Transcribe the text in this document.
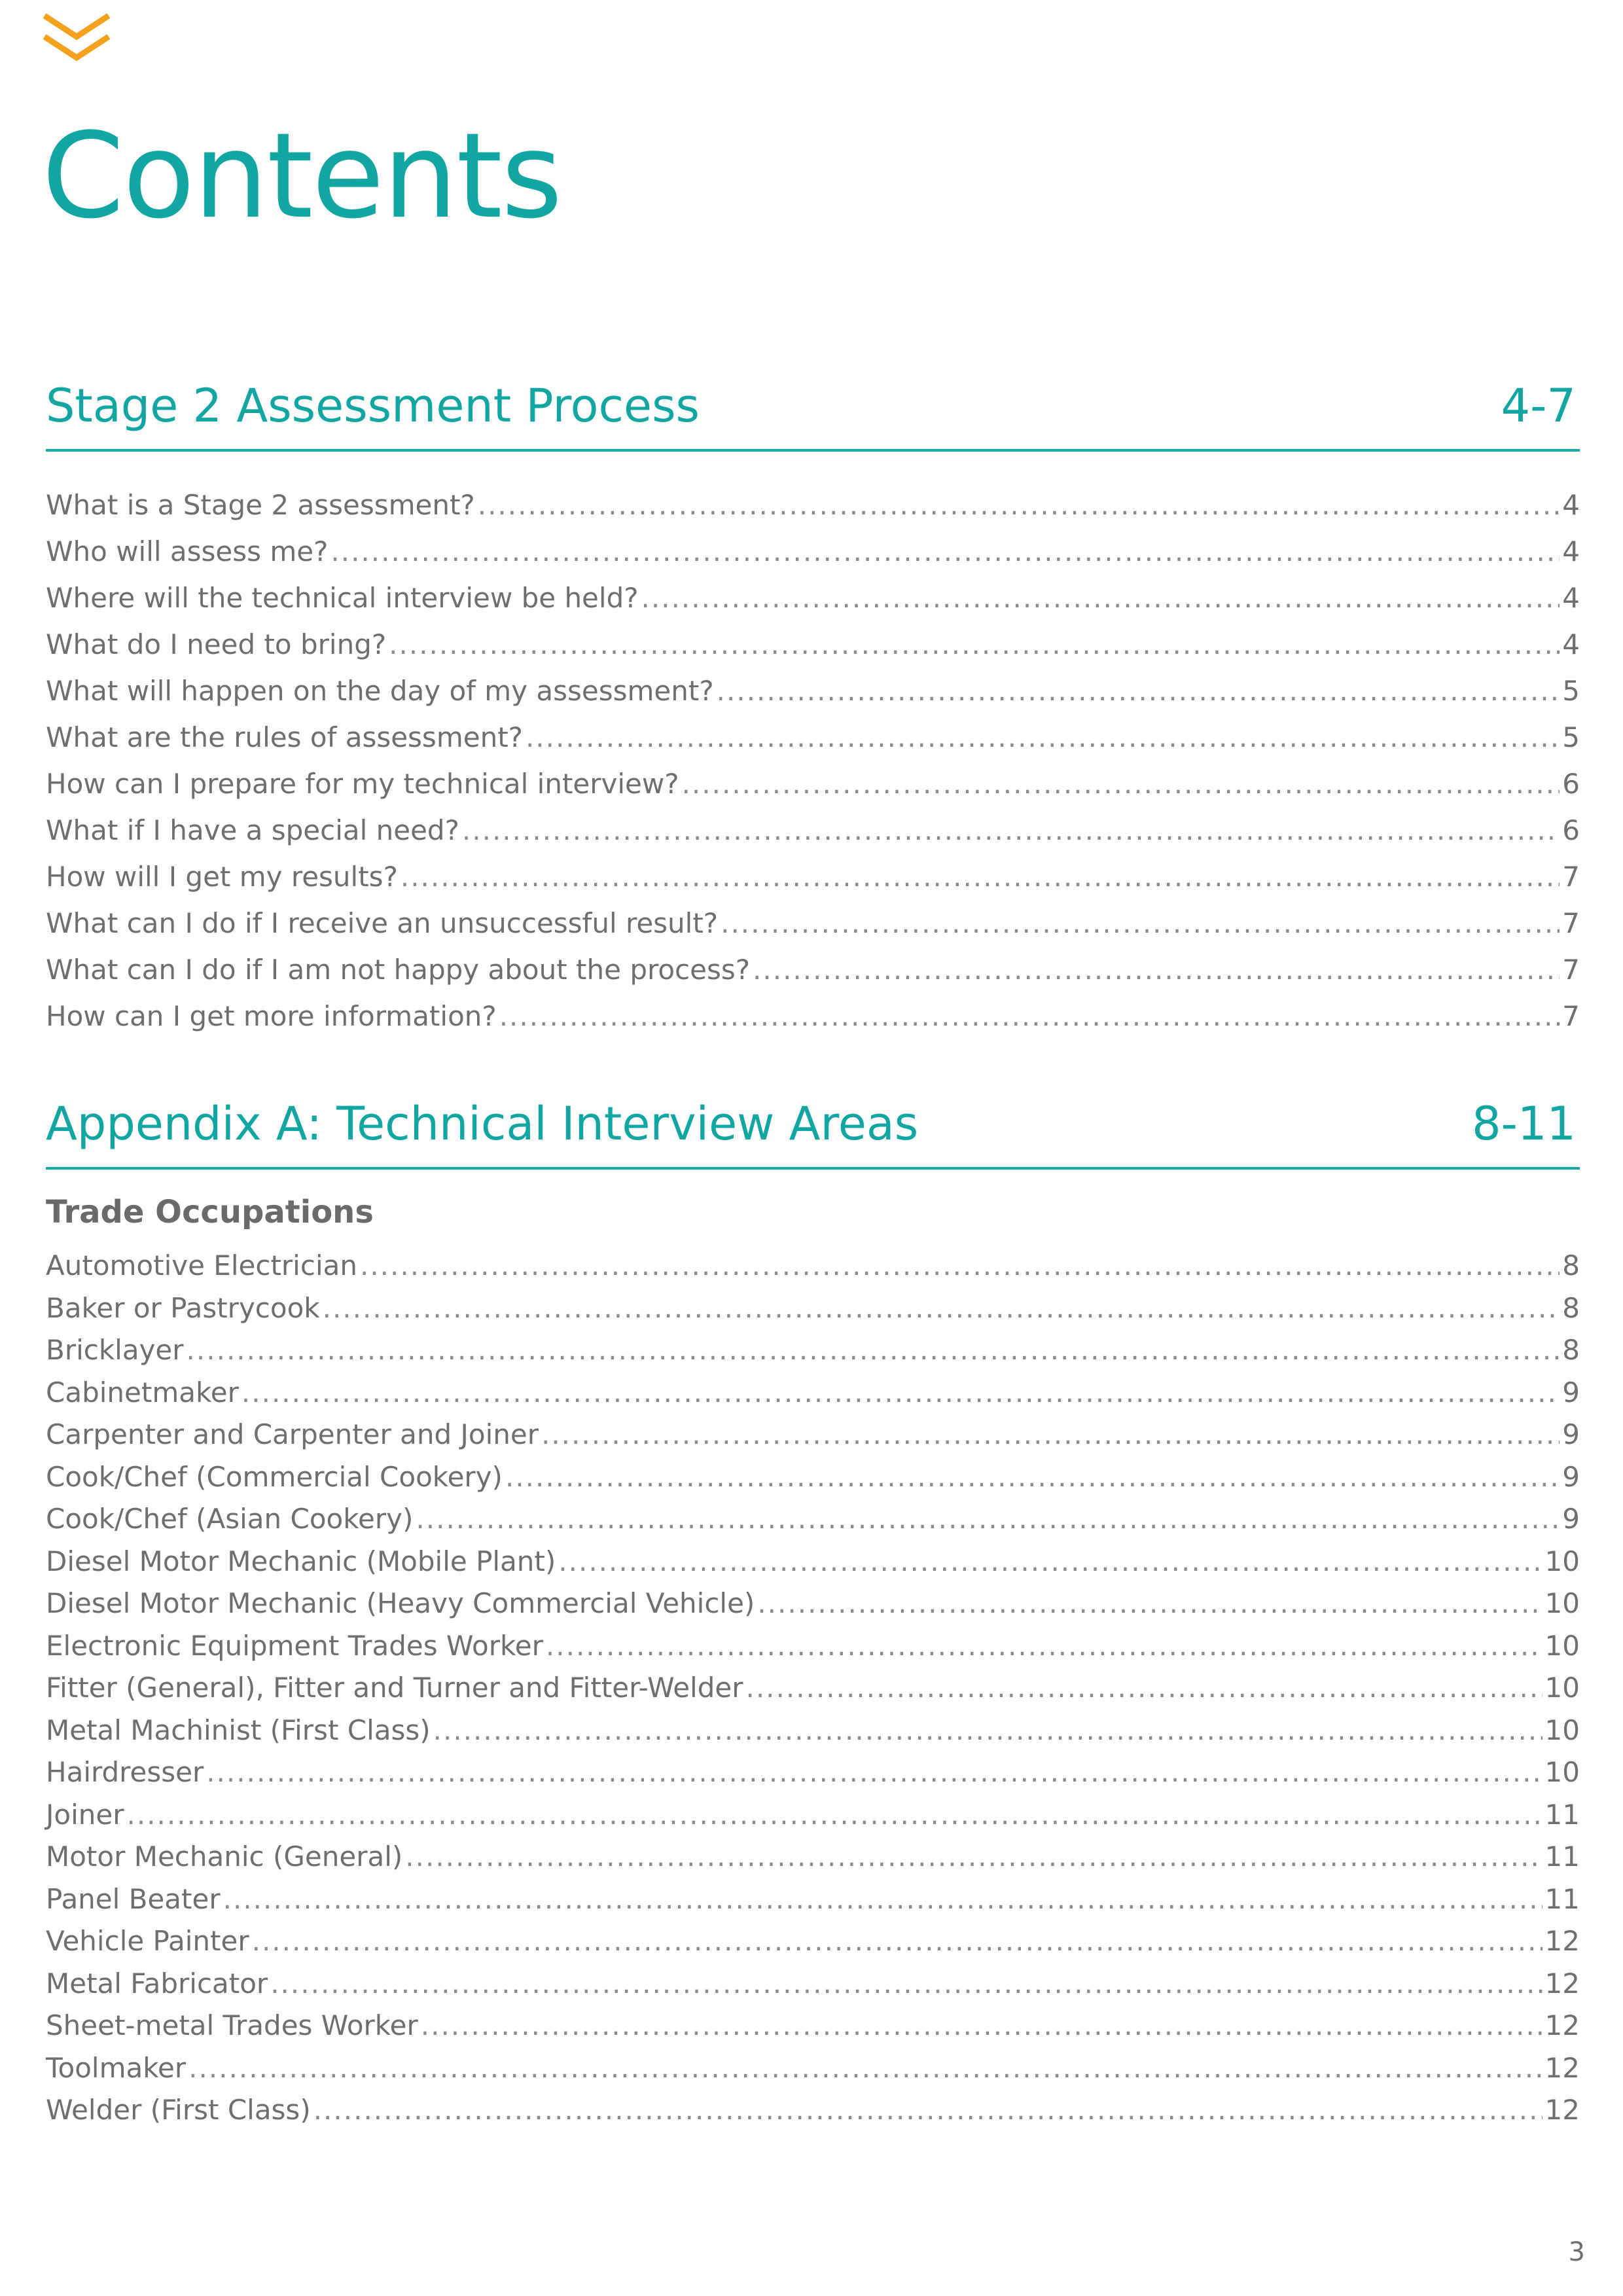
Contents
Stage 2 Assessment Process	4-7
What is a Stage 2 assessment? .....	4
Who will assess me? .....	4
Where will the technical interview be held? .....	4
What do I need to bring? .....	4
What will happen on the day of my assessment? .....	5
What are the rules of assessment? .....	5
How can I prepare for my technical interview? .....	6
What if I have a special need? .....	6
How will I get my results? .....	7
What can I do if I receive an unsuccessful result? .....	7
What can I do if I am not happy about the process? .....	7
How can I get more information? .....	7
Appendix A: Technical Interview Areas	8-11
Trade Occupations
Automotive Electrician .....	8
Baker or Pastrycook .....	8
Bricklayer .....	8
Cabinetmaker .....	9
Carpenter and Carpenter and Joiner .....	9
Cook/Chef (Commercial Cookery) .....	9
Cook/Chef (Asian Cookery) .....	9
Diesel Motor Mechanic (Mobile Plant) .....	10
Diesel Motor Mechanic (Heavy Commercial Vehicle) .....	10
Electronic Equipment Trades Worker .....	10
Fitter (General), Fitter and Turner and Fitter-Welder .....	10
Metal Machinist (First Class) .....	10
Hairdresser .....	10
Joiner .....	11
Motor Mechanic (General) .....	11
Panel Beater .....	11
Vehicle Painter .....	12
Metal Fabricator .....	12
Sheet-metal Trades Worker .....	12
Toolmaker .....	12
Welder (First Class) .....	12
3
